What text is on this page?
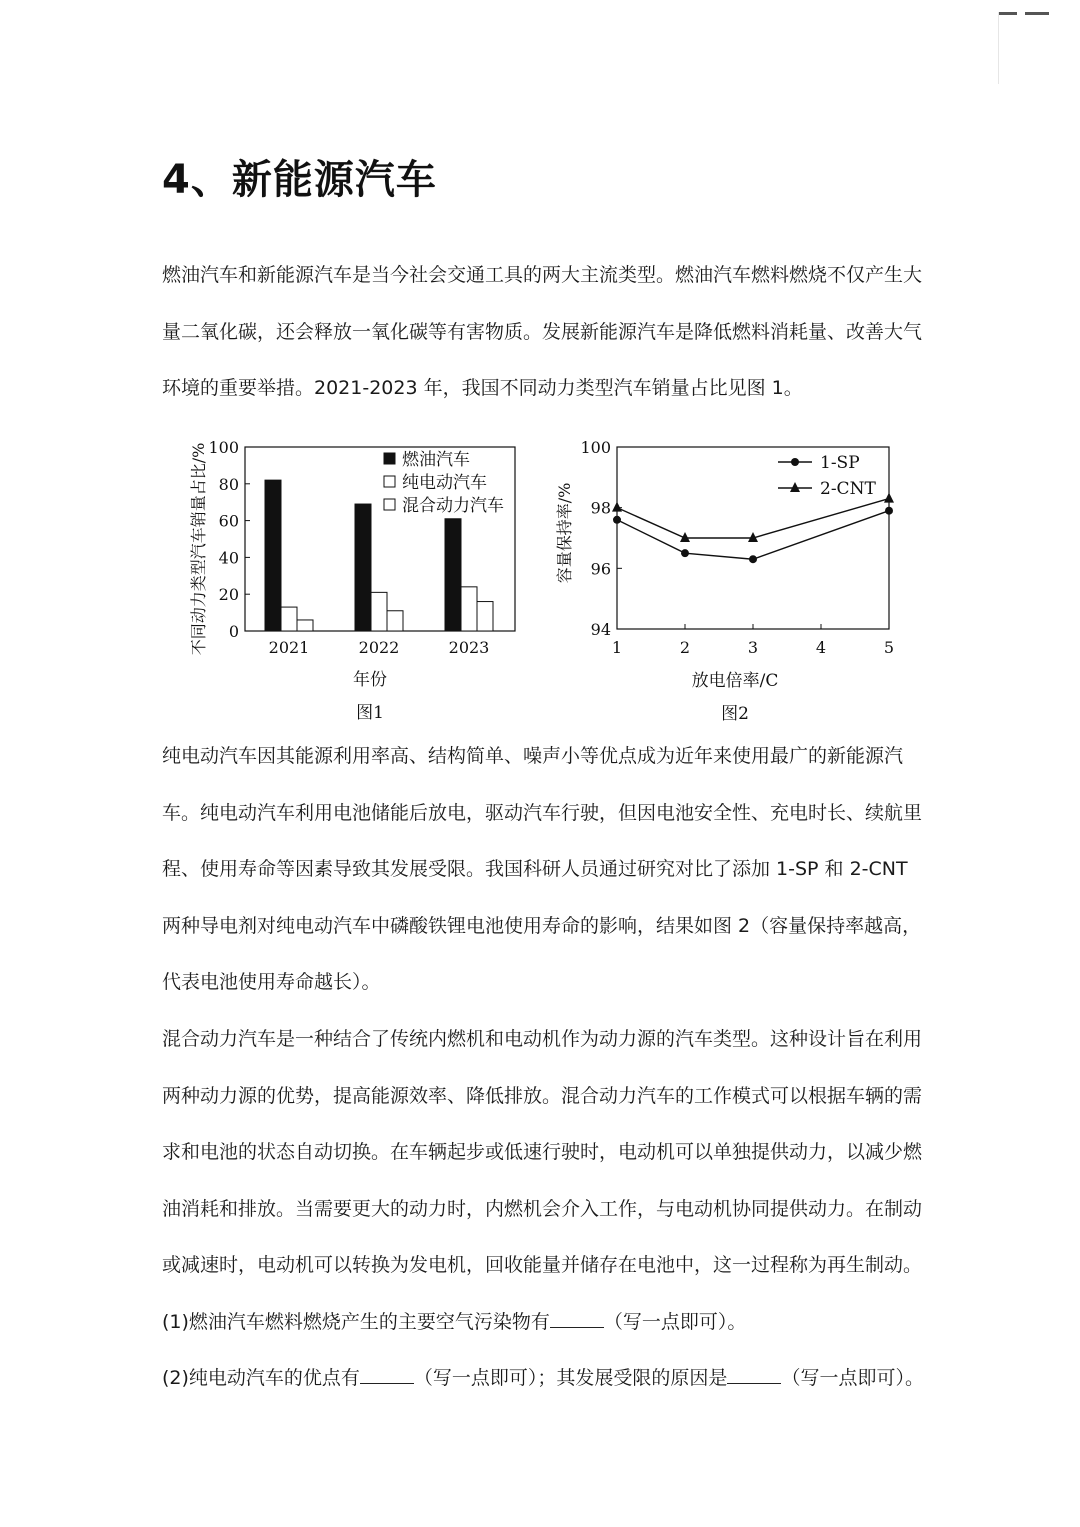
4、新能源汽车

燃油汽车和新能源汽车是当今社会交通工具的两大主流类型。燃油汽车燃料燃烧不仅产生大量二氧化碳，还会释放一氧化碳等有害物质。发展新能源汽车是降低燃料消耗量、改善大气环境的重要举措。2021-2023 年，我国不同动力类型汽车销量占比见图 1。

0
20
40
60
80
100
2021	2022	2023
年份
不同动力类型汽车销量占比/%
图1
燃油汽车
纯电动汽车
混合动力汽车
94
96
98
100
1	2	3	4	5
1-SP
2-CNT
放电倍率/C
容量保持率/%
图2

纯电动汽车因其能源利用率高、结构简单、噪声小等优点成为近年来使用最广的新能源汽车。纯电动汽车利用电池储能后放电，驱动汽车行驶，但因电池安全性、充电时长、续航里程、使用寿命等因素导致其发展受限。我国科研人员通过研究对比了添加 1-SP 和 2-CNT 两种导电剂对纯电动汽车中磷酸铁锂电池使用寿命的影响，结果如图 2（容量保持率越高，代表电池使用寿命越长）。

混合动力汽车是一种结合了传统内燃机和电动机作为动力源的汽车类型。这种设计旨在利用两种动力源的优势，提高能源效率、降低排放。混合动力汽车的工作模式可以根据车辆的需求和电池的状态自动切换。在车辆起步或低速行驶时，电动机可以单独提供动力，以减少燃油消耗和排放。当需要更大的动力时，内燃机会介入工作，与电动机协同提供动力。在制动或减速时，电动机可以转换为发电机，回收能量并储存在电池中，这一过程称为再生制动。

(1)燃油汽车燃料燃烧产生的主要空气污染物有	（写一点即可）。
(2)纯电动汽车的优点有	（写一点即可）；其发展受限的原因是	（写一点即可）。
